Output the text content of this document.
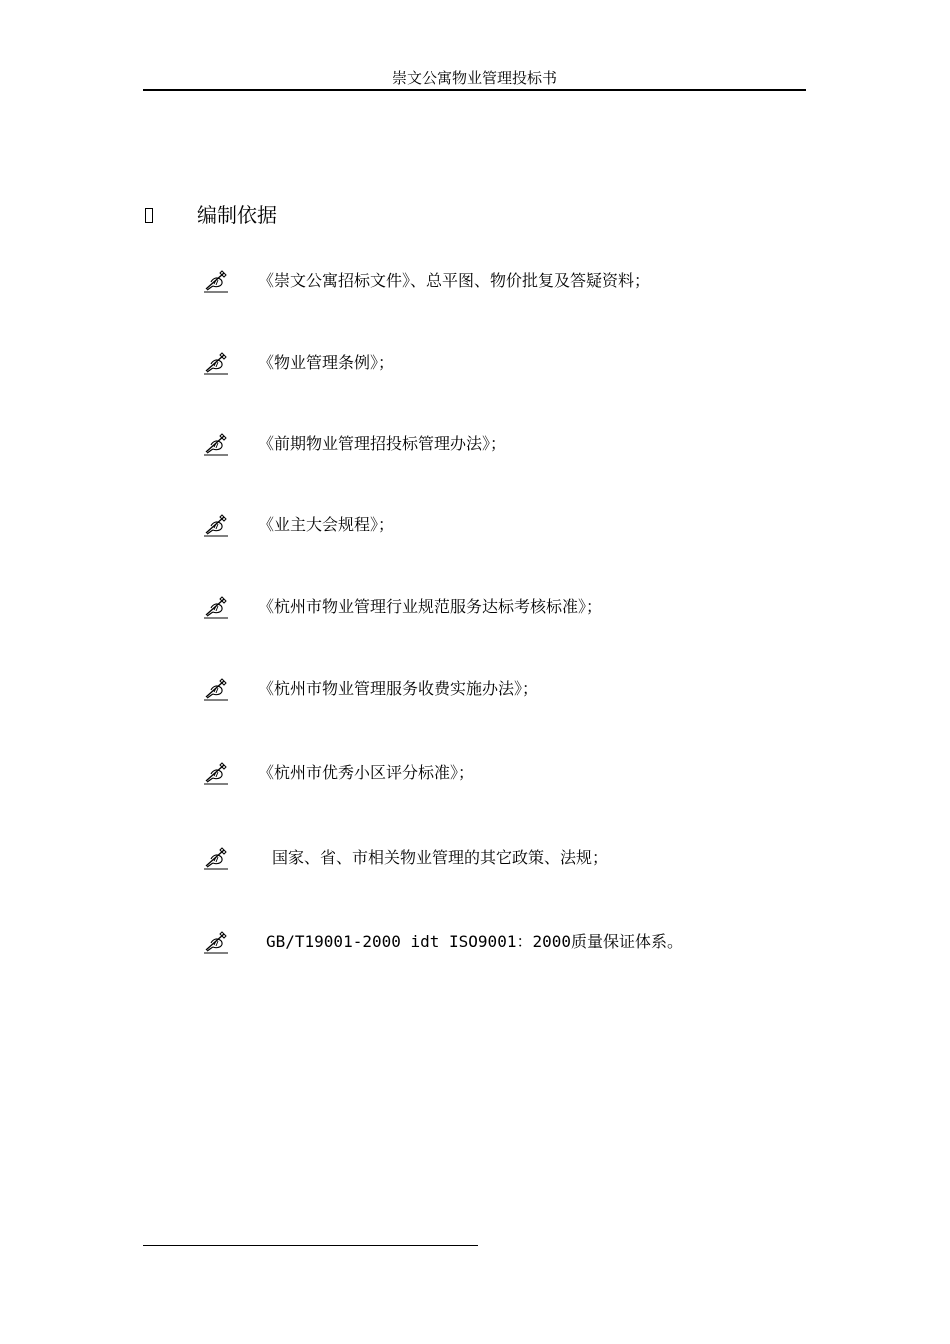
崇文公寓物业管理投标书
编制依据
《崇文公寓招标文件》、总平图、物价批复及答疑资料；
《物业管理条例》；
《前期物业管理招投标管理办法》；
《业主大会规程》；
《杭州市物业管理行业规范服务达标考核标准》；
《杭州市物业管理服务收费实施办法》；
《杭州市优秀小区评分标准》；
国家、省、市相关物业管理的其它政策、法规；
GB/T19001-2000 idt ISO9001：2000质量保证体系。
